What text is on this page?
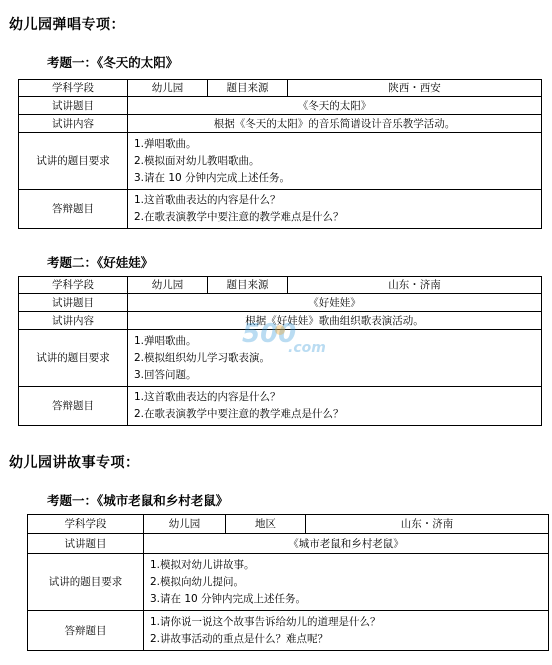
幼儿园弹唱专项：
考题一：《冬天的太阳》
学科学段	幼儿园	题目来源	陕西・西安
试讲题目	《冬天的太阳》		
试讲内容	根据《冬天的太阳》的音乐简谱设计音乐教学活动。		
试讲的题目要求	1.弹唱歌曲。
2.模拟面对幼儿教唱歌曲。
3.请在 10 分钟内完成上述任务。		

答辩题目	1.这首歌曲表达的内容是什么？
2.在歌表演教学中要注意的教学难点是什么？		
考题二：《好娃娃》
学科学段	幼儿园	题目来源	山东・济南
试讲题目	《好娃娃》		
试讲内容	根据《好娃娃》歌曲组织歌表演活动。		
试讲的题目要求	1.弹唱歌曲。
2.模拟组织幼儿学习歌表演。
3.回答问题。		

答辩题目	1.这首歌曲表达的内容是什么？
2.在歌表演教学中要注意的教学难点是什么？		
500
.com
幼儿园讲故事专项：
考题一：《城市老鼠和乡村老鼠》
学科学段	幼儿园	地区	山东・济南
试讲题目	《城市老鼠和乡村老鼠》		
试讲的题目要求	1.模拟对幼儿讲故事。
2.模拟向幼儿提问。
3.请在 10 分钟内完成上述任务。		

答辩题目	1.请你说一说这个故事告诉给幼儿的道理是什么？
2.讲故事活动的重点是什么？难点呢？		
